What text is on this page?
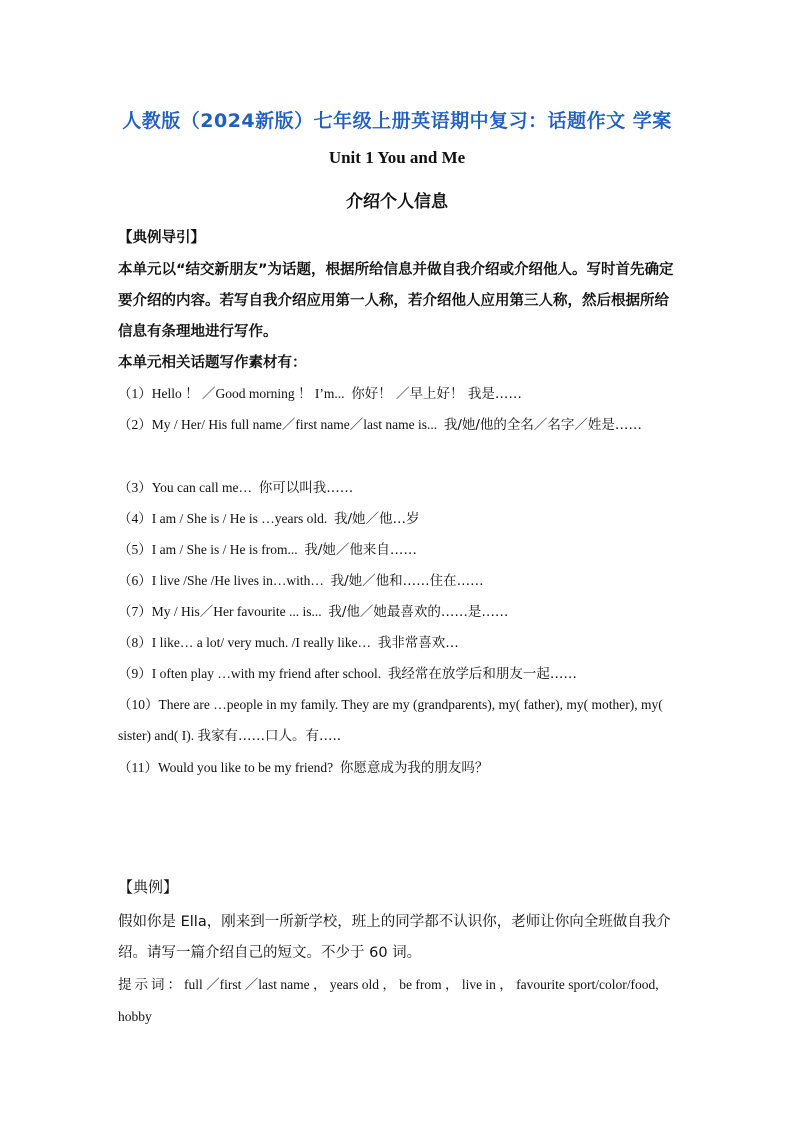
人教版（2024新版）七年级上册英语期中复习：话题作文 学案
Unit 1 You and Me
介绍个人信息
【典例导引】

本单元以“结交新朋友”为话题，根据所给信息并做自我介绍或介绍他人。写时首先确定要介绍的内容。若写自我介绍应用第一人称，若介绍他人应用第三人称，然后根据所给信息有条理地进行写作。

本单元相关话题写作素材有：

（1）Hello ！ ／Good morning ！ I’m... 你好！ ／早上好！ 我是……
（2）My / Her/ His full name／first name／last name is... 我/她/他的全名／名字／姓是……
（3）You can call me… 你可以叫我……
（4）I am / She is / He is …years old. 我/她／他…岁
（5）I am / She is / He is from... 我/她／他来自……
（6）I live /She /He lives in…with… 我/她／他和……住在……
（7）My / His／Her favourite ... is... 我/他／她最喜欢的……是……
（8）I like… a lot/ very much. /I really like… 我非常喜欢…
（9）I often play …with my friend after school. 我经常在放学后和朋友一起……
（10）There are …people in my family. They are my (grandparents), my( father), my( mother), my( sister) and( I). 我家有……口人。有…..
（11）Would you like to be my friend? 你愿意成为我的朋友吗？
【典例】

假如你是 Ella，刚来到一所新学校，班上的同学都不认识你，老师让你向全班做自我介绍。请写一篇介绍自己的短文。不少于 60 词。

提示词：full ／first ／last name ， years old ， be from ， live in ， favourite sport/color/food, hobby
